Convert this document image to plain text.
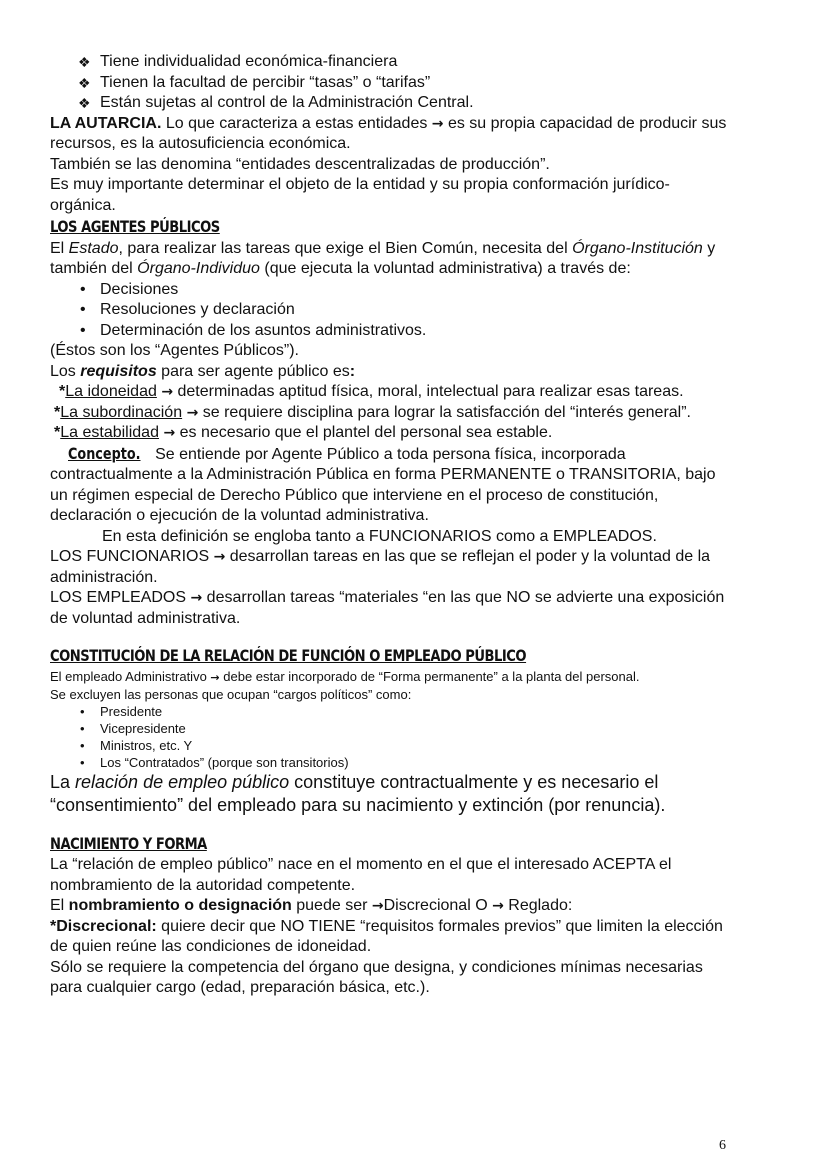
❖ Tiene individualidad económica-financiera
❖ Tienen la facultad de percibir “tasas” o “tarifas”
❖ Están sujetas al control de la Administración Central.

LA AUTARCIA. Lo que caracteriza a estas entidades → es su propia capacidad de producir sus recursos, es la autosuficiencia económica.

También se las denomina “entidades descentralizadas de producción”.

Es muy importante determinar el objeto de la entidad y su propia conformación jurídico-orgánica.

LOS AGENTES PÚBLICOS

El Estado, para realizar las tareas que exige el Bien Común, necesita del Órgano-Institución y también del Órgano-Individuo (que ejecuta la voluntad administrativa) a través de:

• Decisiones
• Resoluciones y declaración
• Determinación de los asuntos administrativos.

(Éstos son los “Agentes Públicos”).

Los requisitos para ser agente público es:

*La idoneidad → determinadas aptitud física, moral, intelectual para realizar esas tareas.

*La subordinación → se requiere disciplina para lograr la satisfacción del “interés general”.

*La estabilidad → es necesario que el plantel del personal sea estable.

Concepto. Se entiende por Agente Público a toda persona física, incorporada contractualmente a la Administración Pública en forma PERMANENTE o TRANSITORIA, bajo un régimen especial de Derecho Público que interviene en el proceso de constitución, declaración o ejecución de la voluntad administrativa.

En esta definición se engloba tanto a FUNCIONARIOS como a EMPLEADOS.

LOS FUNCIONARIOS → desarrollan tareas en las que se reflejan el poder y la voluntad de la administración.

LOS EMPLEADOS → desarrollan tareas “materiales “en las que NO se advierte una exposición de voluntad administrativa.

CONSTITUCIÓN DE LA RELACIÓN DE FUNCIÓN O EMPLEADO PÚBLICO

El empleado Administrativo → debe estar incorporado de “Forma permanente” a la planta del personal.

Se excluyen las personas que ocupan “cargos políticos” como:

• Presidente
• Vicepresidente
• Ministros, etc. Y
• Los “Contratados” (porque son transitorios)

La relación de empleo público constituye contractualmente y es necesario el “consentimiento” del empleado para su nacimiento y extinción (por renuncia).

NACIMIENTO Y FORMA

La “relación de empleo público” nace en el momento en el que el interesado ACEPTA el nombramiento de la autoridad competente.

El nombramiento o designación puede ser →Discrecional O → Reglado:

*Discrecional: quiere decir que NO TIENE “requisitos formales previos” que limiten la elección de quien reúne las condiciones de idoneidad.

Sólo se requiere la competencia del órgano que designa, y condiciones mínimas necesarias para cualquier cargo (edad, preparación básica, etc.).

6
